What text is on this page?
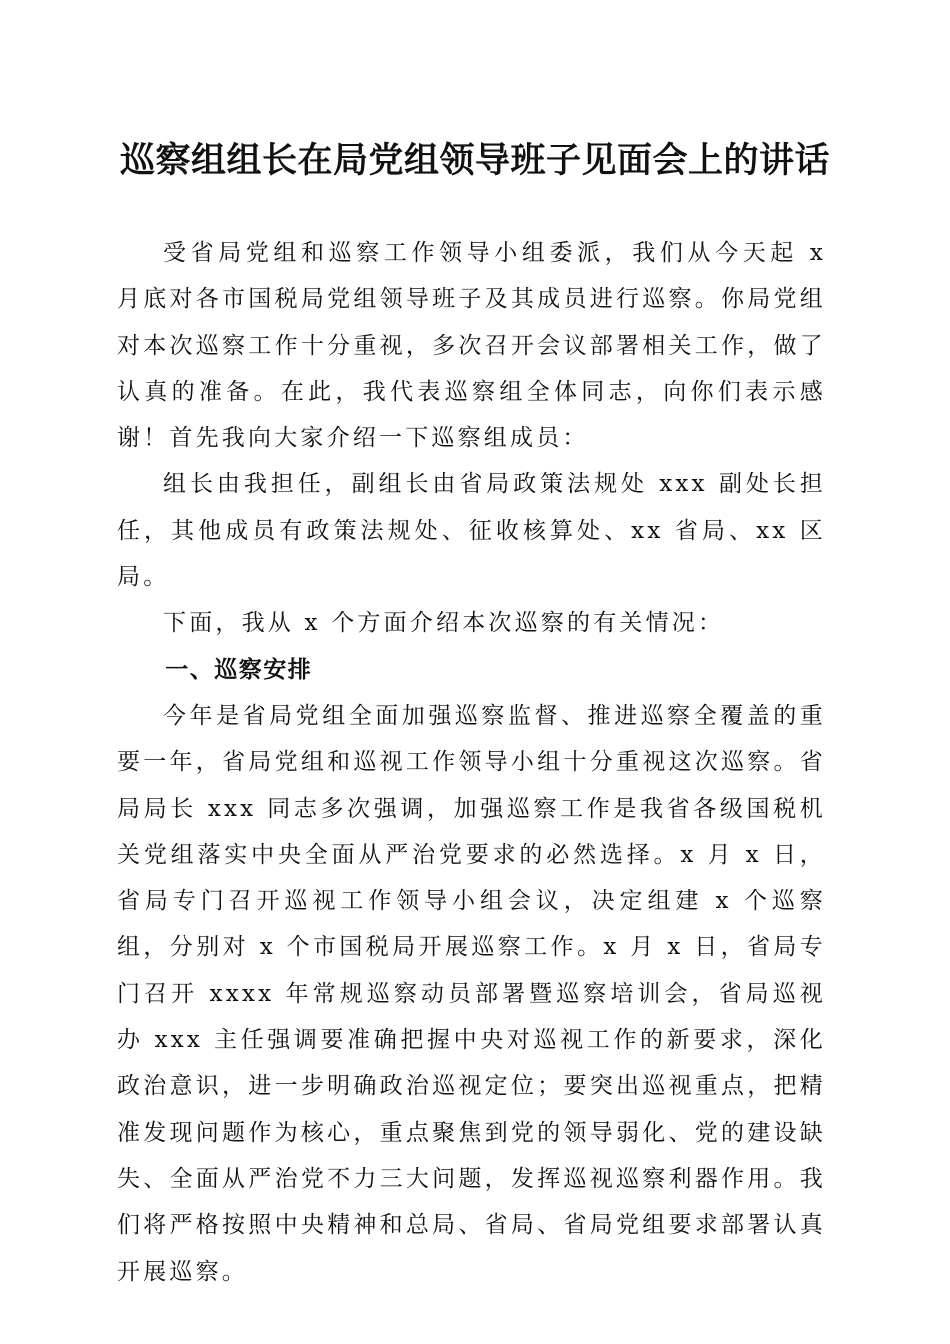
巡察组组长在局党组领导班子见面会上的讲话

受省局党组和巡察工作领导小组委派，我们从今天起 x 月底对各市国税局党组领导班子及其成员进行巡察。你局党组对本次巡察工作十分重视，多次召开会议部署相关工作，做了认真的准备。在此，我代表巡察组全体同志，向你们表示感谢！首先我向大家介绍一下巡察组成员：

组长由我担任，副组长由省局政策法规处 xxx 副处长担任，其他成员有政策法规处、征收核算处、xx 省局、xx 区局。

下面，我从 x 个方面介绍本次巡察的有关情况：

一、巡察安排

今年是省局党组全面加强巡察监督、推进巡察全覆盖的重要一年，省局党组和巡视工作领导小组十分重视这次巡察。省局局长 xxx 同志多次强调，加强巡察工作是我省各级国税机关党组落实中央全面从严治党要求的必然选择。x 月 x 日，省局专门召开巡视工作领导小组会议，决定组建 x 个巡察组，分别对 x 个市国税局开展巡察工作。x 月 x 日，省局专门召开 xxxx 年常规巡察动员部署暨巡察培训会，省局巡视办 xxx 主任强调要准确把握中央对巡视工作的新要求，深化政治意识，进一步明确政治巡视定位；要突出巡视重点，把精准发现问题作为核心，重点聚焦到党的领导弱化、党的建设缺失、全面从严治党不力三大问题，发挥巡视巡察利器作用。我们将严格按照中央精神和总局、省局、省局党组要求部署认真开展巡察。
